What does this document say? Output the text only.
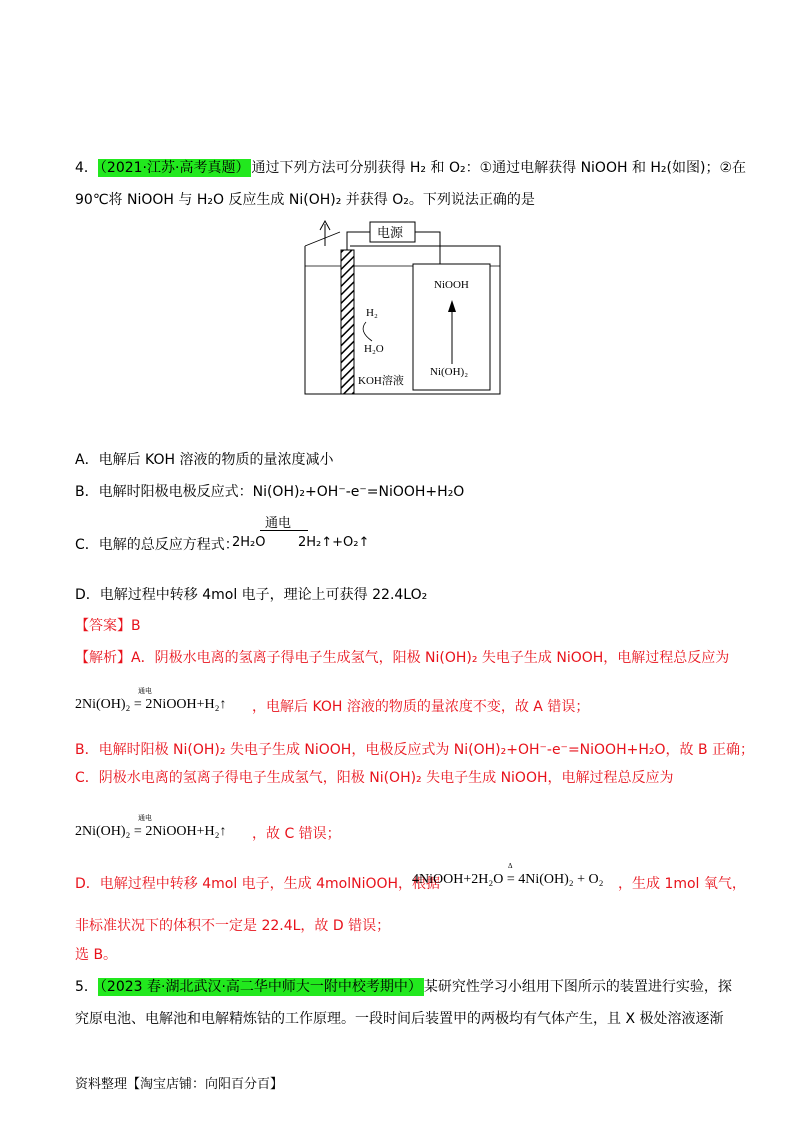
4． （2021·江苏·高考真题） 通过下列方法可分别获得 H₂ 和 O₂：①通过电解获得 NiOOH 和 H₂(如图)；②在
90℃将 NiOOH 与 H₂O 反应生成 Ni(OH)₂ 并获得 O₂。下列说法正确的是
电源
NiOOH
H₂
H₂O
Ni(OH)₂
KOH溶液
A．电解后 KOH 溶液的物质的量浓度减小
B．电解时阳极电极反应式：Ni(OH)₂+OH⁻-e⁻=NiOOH+H₂O
C．电解的总反应方程式：
2H₂O
通电
2H₂↑+O₂↑
D．电解过程中转移 4mol 电子，理论上可获得 22.4LO₂
【答案】B
【解析】A．阴极水电离的氢离子得电子生成氢气，阳极 Ni(OH)₂ 失电子生成 NiOOH，电解过程总反应为
通电
2Ni(OH)₂ = 2NiOOH+H₂↑ ，电解后 KOH 溶液的物质的量浓度不变，故 A 错误；
B．电解时阳极 Ni(OH)₂ 失电子生成 NiOOH，电极反应式为 Ni(OH)₂+OH⁻-e⁻=NiOOH+H₂O，故 B 正确；
C．阴极水电离的氢离子得电子生成氢气，阳极 Ni(OH)₂ 失电子生成 NiOOH，电解过程总反应为
通电
2Ni(OH)₂ = 2NiOOH+H₂↑ ，故 C 错误；
D．电解过程中转移 4mol 电子，生成 4molNiOOH，根据
Δ
4NiOOH+2H₂O = 4Ni(OH)₂ + O₂ ，生成 1mol 氧气，
非标准状况下的体积不一定是 22.4L，故 D 错误；
选 B。
5． （2023 春·湖北武汉·高二华中师大一附中校考期中） 某研究性学习小组用下图所示的装置进行实验，探
究原电池、电解池和电解精炼钴的工作原理。一段时间后装置甲的两极均有气体产生，且 X 极处溶液逐渐
资料整理【淘宝店铺：向阳百分百】
